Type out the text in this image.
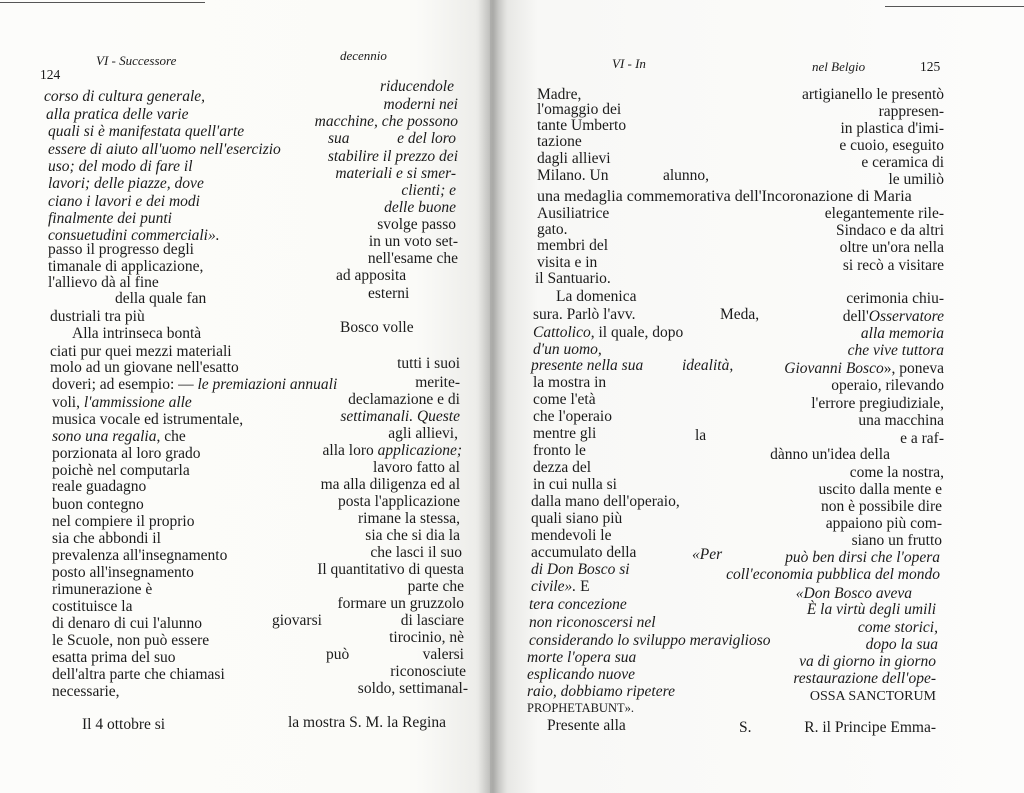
124
VI - Successore	decennio
corso di cultura generale,
alla pratica delle varie
quali si è manifestata quell'arte
essere di aiuto all'uomo nell'esercizio
uso; del modo di fare il
lavori; delle piazze, dove
ciano i lavori e dei modi
finalmente dei punti
consuetudini commerciali».
passo il progresso degli
timanale di applicazione,
l'allievo dà al fine
della quale fan
dustriali tra più
Alla intrinseca bontà
ciati pur quei mezzi materiali
molo ad un giovane nell'esatto
doveri; ad esempio: — le premiazioni annuali
voli, l'ammissione alle
musica vocale ed istrumentale,
sono una regalia, che
porzionata al loro grado
poichè nel computarla
reale guadagno
buon contegno
nel compiere il proprio
sia che abbondi il
prevalenza all'insegnamento
posto all'insegnamento
rimunerazione è
costituisce la
di denaro di cui l'alunno
le Scuole, non può essere
esatta prima del suo
dell'altra parte che chiamasi
necessarie,
Il 4 ottobre si
riducendole
moderni nei
macchine, che possono
sua	e del loro
stabilire il prezzo dei
materiali e si smer-
clienti; e
delle buone
svolge passo
in un voto set-
nell'esame che
ad apposita
esterni
Bosco volle
tutti i suoi
merite-
declamazione e di
settimanali. Queste
agli allievi,
alla loro applicazione;
lavoro fatto al
ma alla diligenza ed al
posta l'applicazione
rimane la stessa,
sia che si dia la
che lasci il suo
Il quantitativo di questa
parte che
formare un gruzzolo
giovarsi	di lasciare
tirocinio, nè
può	valersi
riconosciute
soldo, settimanal-
la mostra S. M. la Regina
VI - In	nel Belgio	125
Madre,
l'omaggio dei
tante Umberto
tazione
dagli allievi
Milano. Un	alunno,
una medaglia commemorativa dell'Incoronazione di Maria
Ausiliatrice
gato.
membri del
visita e in
il Santuario.
La domenica
sura. Parlò l'avv.	Meda,
Cattolico, il quale, dopo
d'un uomo,
presente nella sua	idealità,
la mostra in
come l'età
che l'operaio
mentre gli	la
fronto le
dezza del
in cui nulla si
dalla mano dell'operaio,
quali siano più
mendevoli le
accumulato della	«Per
di Don Bosco si
civile». E
tera concezione
non riconoscersi nel
considerando lo sviluppo meraviglioso
morte l'opera sua
esplicando nuove
raio, dobbiamo ripetere
PROPHETABUNT».
Presente alla	S.
artigianello le presentò
rappresen-
in plastica d'imi-
e cuoio, eseguito
e ceramica di
le umiliò
elegantemente rile-
Sindaco e da altri
oltre un'ora nella
si recò a visitare
cerimonia chiu-
dell'Osservatore
alla memoria
che vive tuttora
Giovanni Bosco», poneva
operaio, rilevando
l'errore pregiudiziale,
una macchina
e a raf-
dànno un'idea della
come la nostra,
uscito dalla mente e
non è possibile dire
appaiono più com-
siano un frutto
può ben dirsi che l'opera
coll'economia pubblica del mondo
«Don Bosco aveva
È la virtù degli umili
come storici,
dopo la sua
va di giorno in giorno
restaurazione dell'ope-
OSSA SANCTORUM
R. il Principe Emma-
